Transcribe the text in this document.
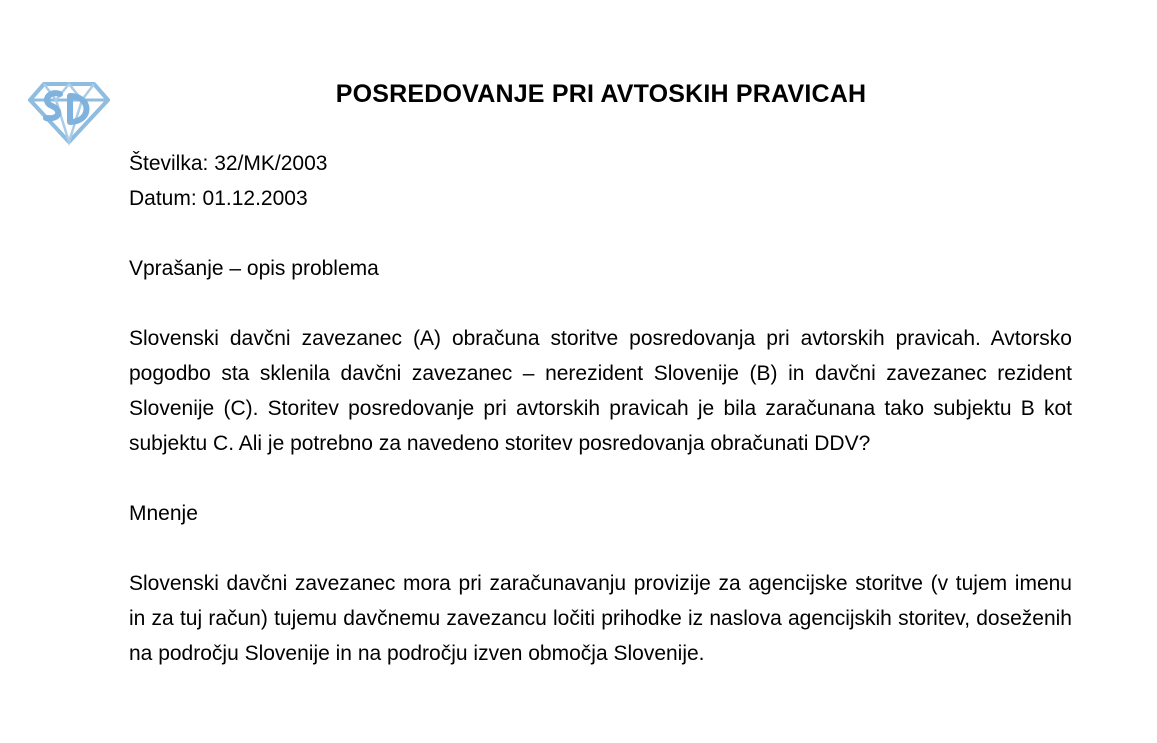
POSREDOVANJE PRI AVTOSKIH PRAVICAH

Številka: 32/MK/2003

Datum: 01.12.2003

Vprašanje – opis problema

Slovenski davčni zavezanec (A) obračuna storitve posredovanja pri avtorskih pravicah. Avtorsko pogodbo sta sklenila davčni zavezanec – nerezident Slovenije (B) in davčni zavezanec rezident Slovenije (C). Storitev posredovanje pri avtorskih pravicah je bila zaračunana tako subjektu B kot subjektu C. Ali je potrebno za navedeno storitev posredovanja obračunati DDV?

Mnenje

Slovenski davčni zavezanec mora pri zaračunavanju provizije za agencijske storitve (v tujem imenu in za tuj račun) tujemu davčnemu zavezancu ločiti prihodke iz naslova agencijskih storitev, doseženih na področju Slovenije in na področju izven območja Slovenije.
